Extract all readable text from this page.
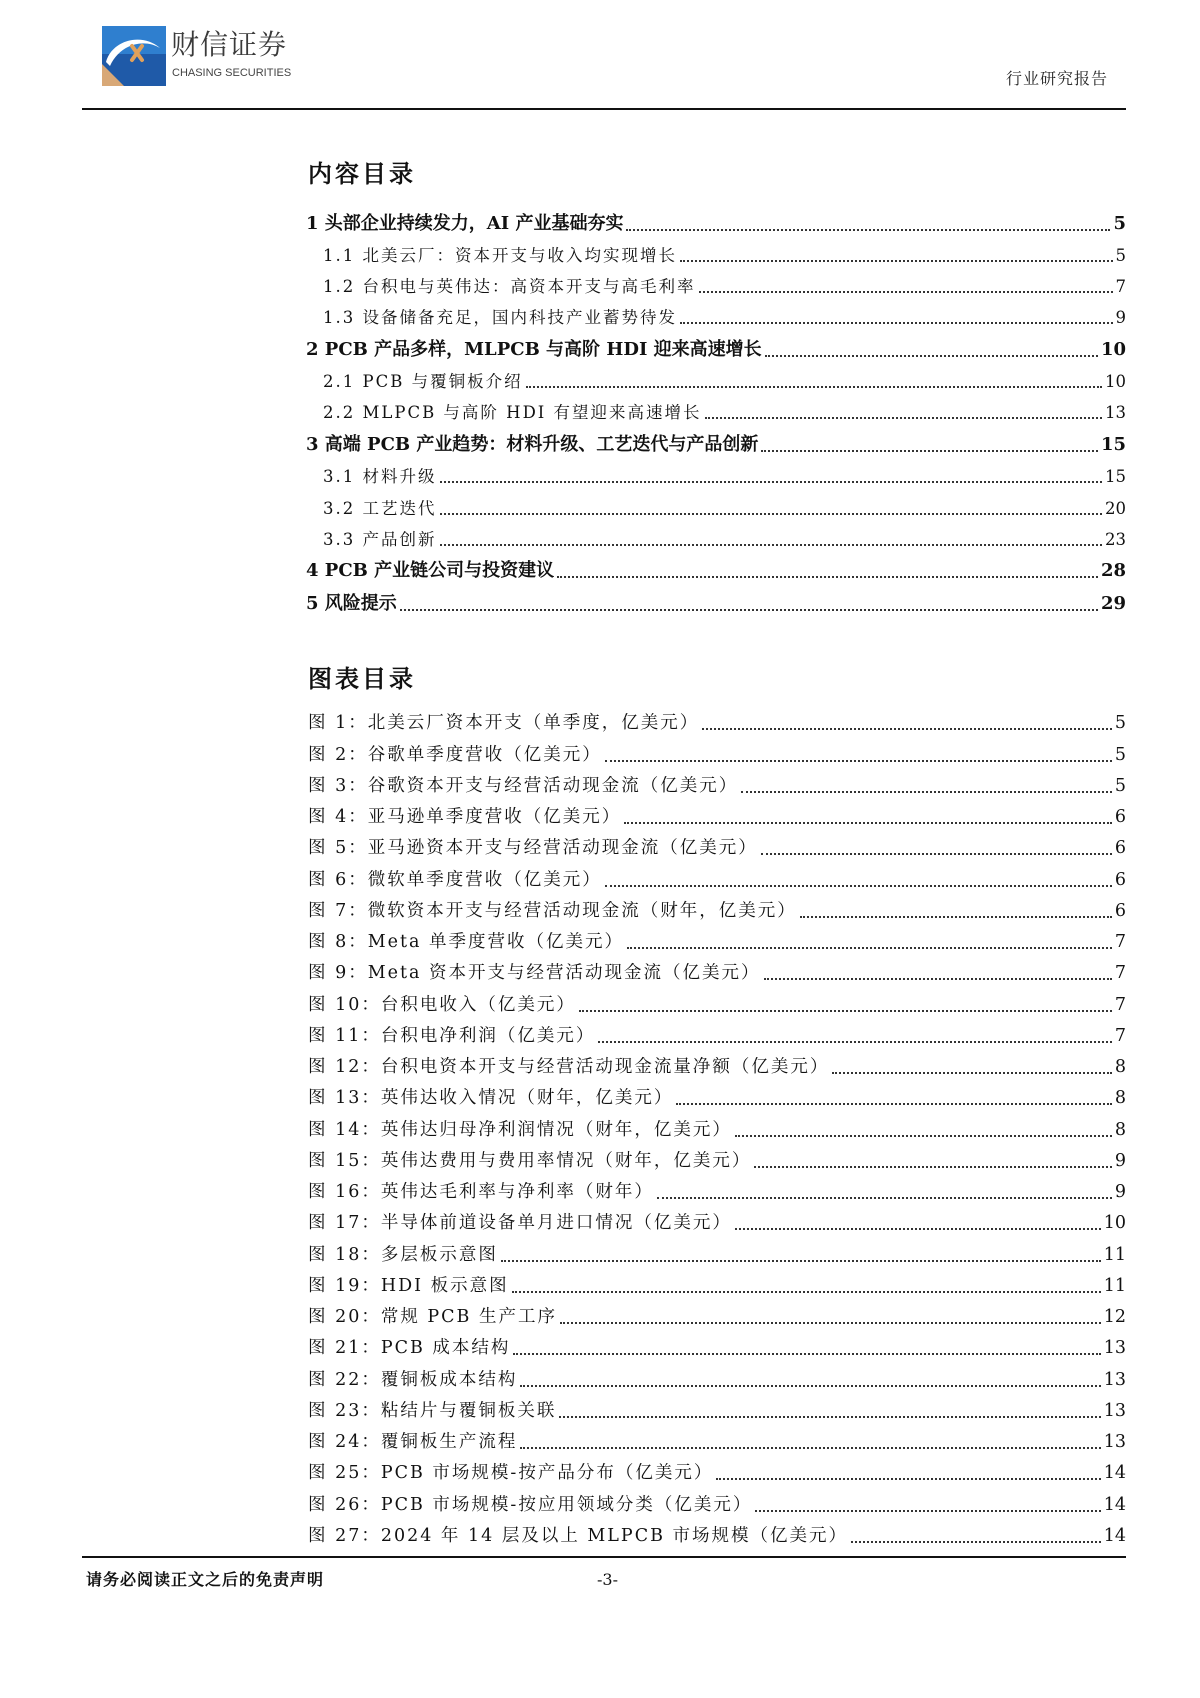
财信证券
CHASING SECURITIES	行业研究报告
内容目录
1 头部企业持续发力，AI 产业基础夯实	5
1.1 北美云厂：资本开支与收入均实现增长	5
1.2 台积电与英伟达：高资本开支与高毛利率	7
1.3 设备储备充足，国内科技产业蓄势待发	9
2 PCB 产品多样，MLPCB 与高阶 HDI 迎来高速增长	10
2.1 PCB 与覆铜板介绍	10
2.2 MLPCB 与高阶 HDI 有望迎来高速增长	13
3 高端 PCB 产业趋势：材料升级、工艺迭代与产品创新	15
3.1 材料升级	15
3.2 工艺迭代	20
3.3 产品创新	23
4 PCB 产业链公司与投资建议	28
5 风险提示	29
图表目录
图 1：北美云厂资本开支（单季度，亿美元）	5
图 2：谷歌单季度营收（亿美元）	5
图 3：谷歌资本开支与经营活动现金流（亿美元）	5
图 4：亚马逊单季度营收（亿美元）	6
图 5：亚马逊资本开支与经营活动现金流（亿美元）	6
图 6：微软单季度营收（亿美元）	6
图 7：微软资本开支与经营活动现金流（财年，亿美元）	6
图 8：Meta 单季度营收（亿美元）	7
图 9：Meta 资本开支与经营活动现金流（亿美元）	7
图 10：台积电收入（亿美元）	7
图 11：台积电净利润（亿美元）	7
图 12：台积电资本开支与经营活动现金流量净额（亿美元）	8
图 13：英伟达收入情况（财年，亿美元）	8
图 14：英伟达归母净利润情况（财年，亿美元）	8
图 15：英伟达费用与费用率情况（财年，亿美元）	9
图 16：英伟达毛利率与净利率（财年）	9
图 17：半导体前道设备单月进口情况（亿美元）	10
图 18：多层板示意图	11
图 19：HDI 板示意图	11
图 20：常规 PCB 生产工序	12
图 21：PCB 成本结构	13
图 22：覆铜板成本结构	13
图 23：粘结片与覆铜板关联	13
图 24：覆铜板生产流程	13
图 25：PCB 市场规模-按产品分布（亿美元）	14
图 26：PCB 市场规模-按应用领域分类（亿美元）	14
图 27：2024 年 14 层及以上 MLPCB 市场规模（亿美元）	14
请务必阅读正文之后的免责声明	-3-
